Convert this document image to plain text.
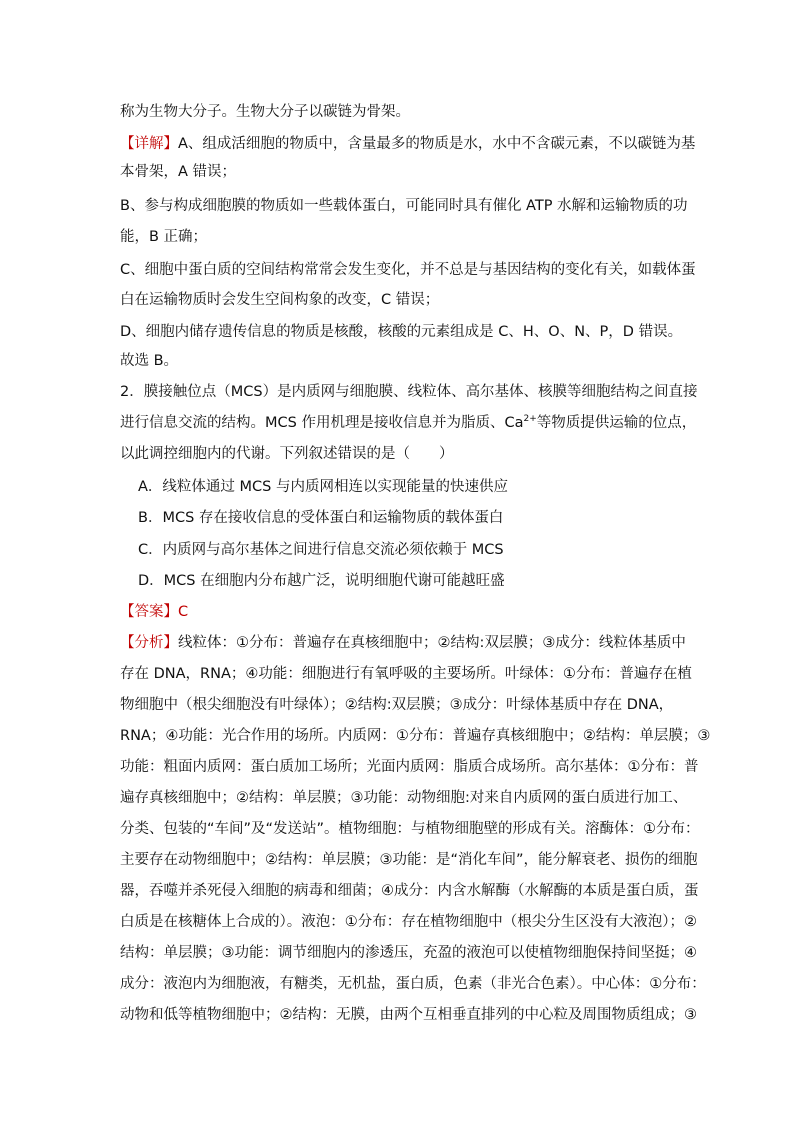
称为生物大分子。生物大分子以碳链为骨架。
【详解】A、组成活细胞的物质中，含量最多的物质是水，水中不含碳元素，不以碳链为基
本骨架，A 错误；
B、参与构成细胞膜的物质如一些载体蛋白，可能同时具有催化 ATP 水解和运输物质的功
能，B 正确；
C、细胞中蛋白质的空间结构常常会发生变化，并不总是与基因结构的变化有关，如载体蛋
白在运输物质时会发生空间构象的改变，C 错误；
D、细胞内储存遗传信息的物质是核酸，核酸的元素组成是 C、H、O、N、P，D 错误。
故选 B。
2．膜接触位点（MCS）是内质网与细胞膜、线粒体、高尔基体、核膜等细胞结构之间直接
进行信息交流的结构。MCS 作用机理是接收信息并为脂质、$Ca^{2+}$等物质提供运输的位点，
以此调控细胞内的代谢。下列叙述错误的是（　　）
A．线粒体通过 MCS 与内质网相连以实现能量的快速供应
B．MCS 存在接收信息的受体蛋白和运输物质的载体蛋白
C．内质网与高尔基体之间进行信息交流必须依赖于 MCS
D．MCS 在细胞内分布越广泛，说明细胞代谢可能越旺盛
【答案】C
【分析】线粒体：①分布：普遍存在真核细胞中；②结构:双层膜；③成分：线粒体基质中
存在 DNA，RNA；④功能：细胞进行有氧呼吸的主要场所。叶绿体：①分布：普遍存在植
物细胞中（根尖细胞没有叶绿体）；②结构:双层膜；③成分：叶绿体基质中存在 DNA，
RNA；④功能：光合作用的场所。内质网：①分布：普遍存真核细胞中；②结构：单层膜；③
功能：粗面内质网：蛋白质加工场所；光面内质网：脂质合成场所。高尔基体：①分布：普
遍存真核细胞中；②结构：单层膜；③功能：动物细胞:对来自内质网的蛋白质进行加工、
分类、包装的“车间”及“发送站”。植物细胞：与植物细胞壁的形成有关。溶酶体：①分布：
主要存在动物细胞中；②结构：单层膜；③功能：是“消化车间”，能分解衰老、损伤的细胞
器，吞噬并杀死侵入细胞的病毒和细菌；④成分：内含水解酶（水解酶的本质是蛋白质，蛋
白质是在核糖体上合成的）。液泡：①分布：存在植物细胞中（根尖分生区没有大液泡）；②
结构：单层膜；③功能：调节细胞内的渗透压，充盈的液泡可以使植物细胞保持间坚挺；④
成分：液泡内为细胞液，有糖类，无机盐，蛋白质，色素（非光合色素）。中心体：①分布：
动物和低等植物细胞中；②结构：无膜，由两个互相垂直排列的中心粒及周围物质组成；③
